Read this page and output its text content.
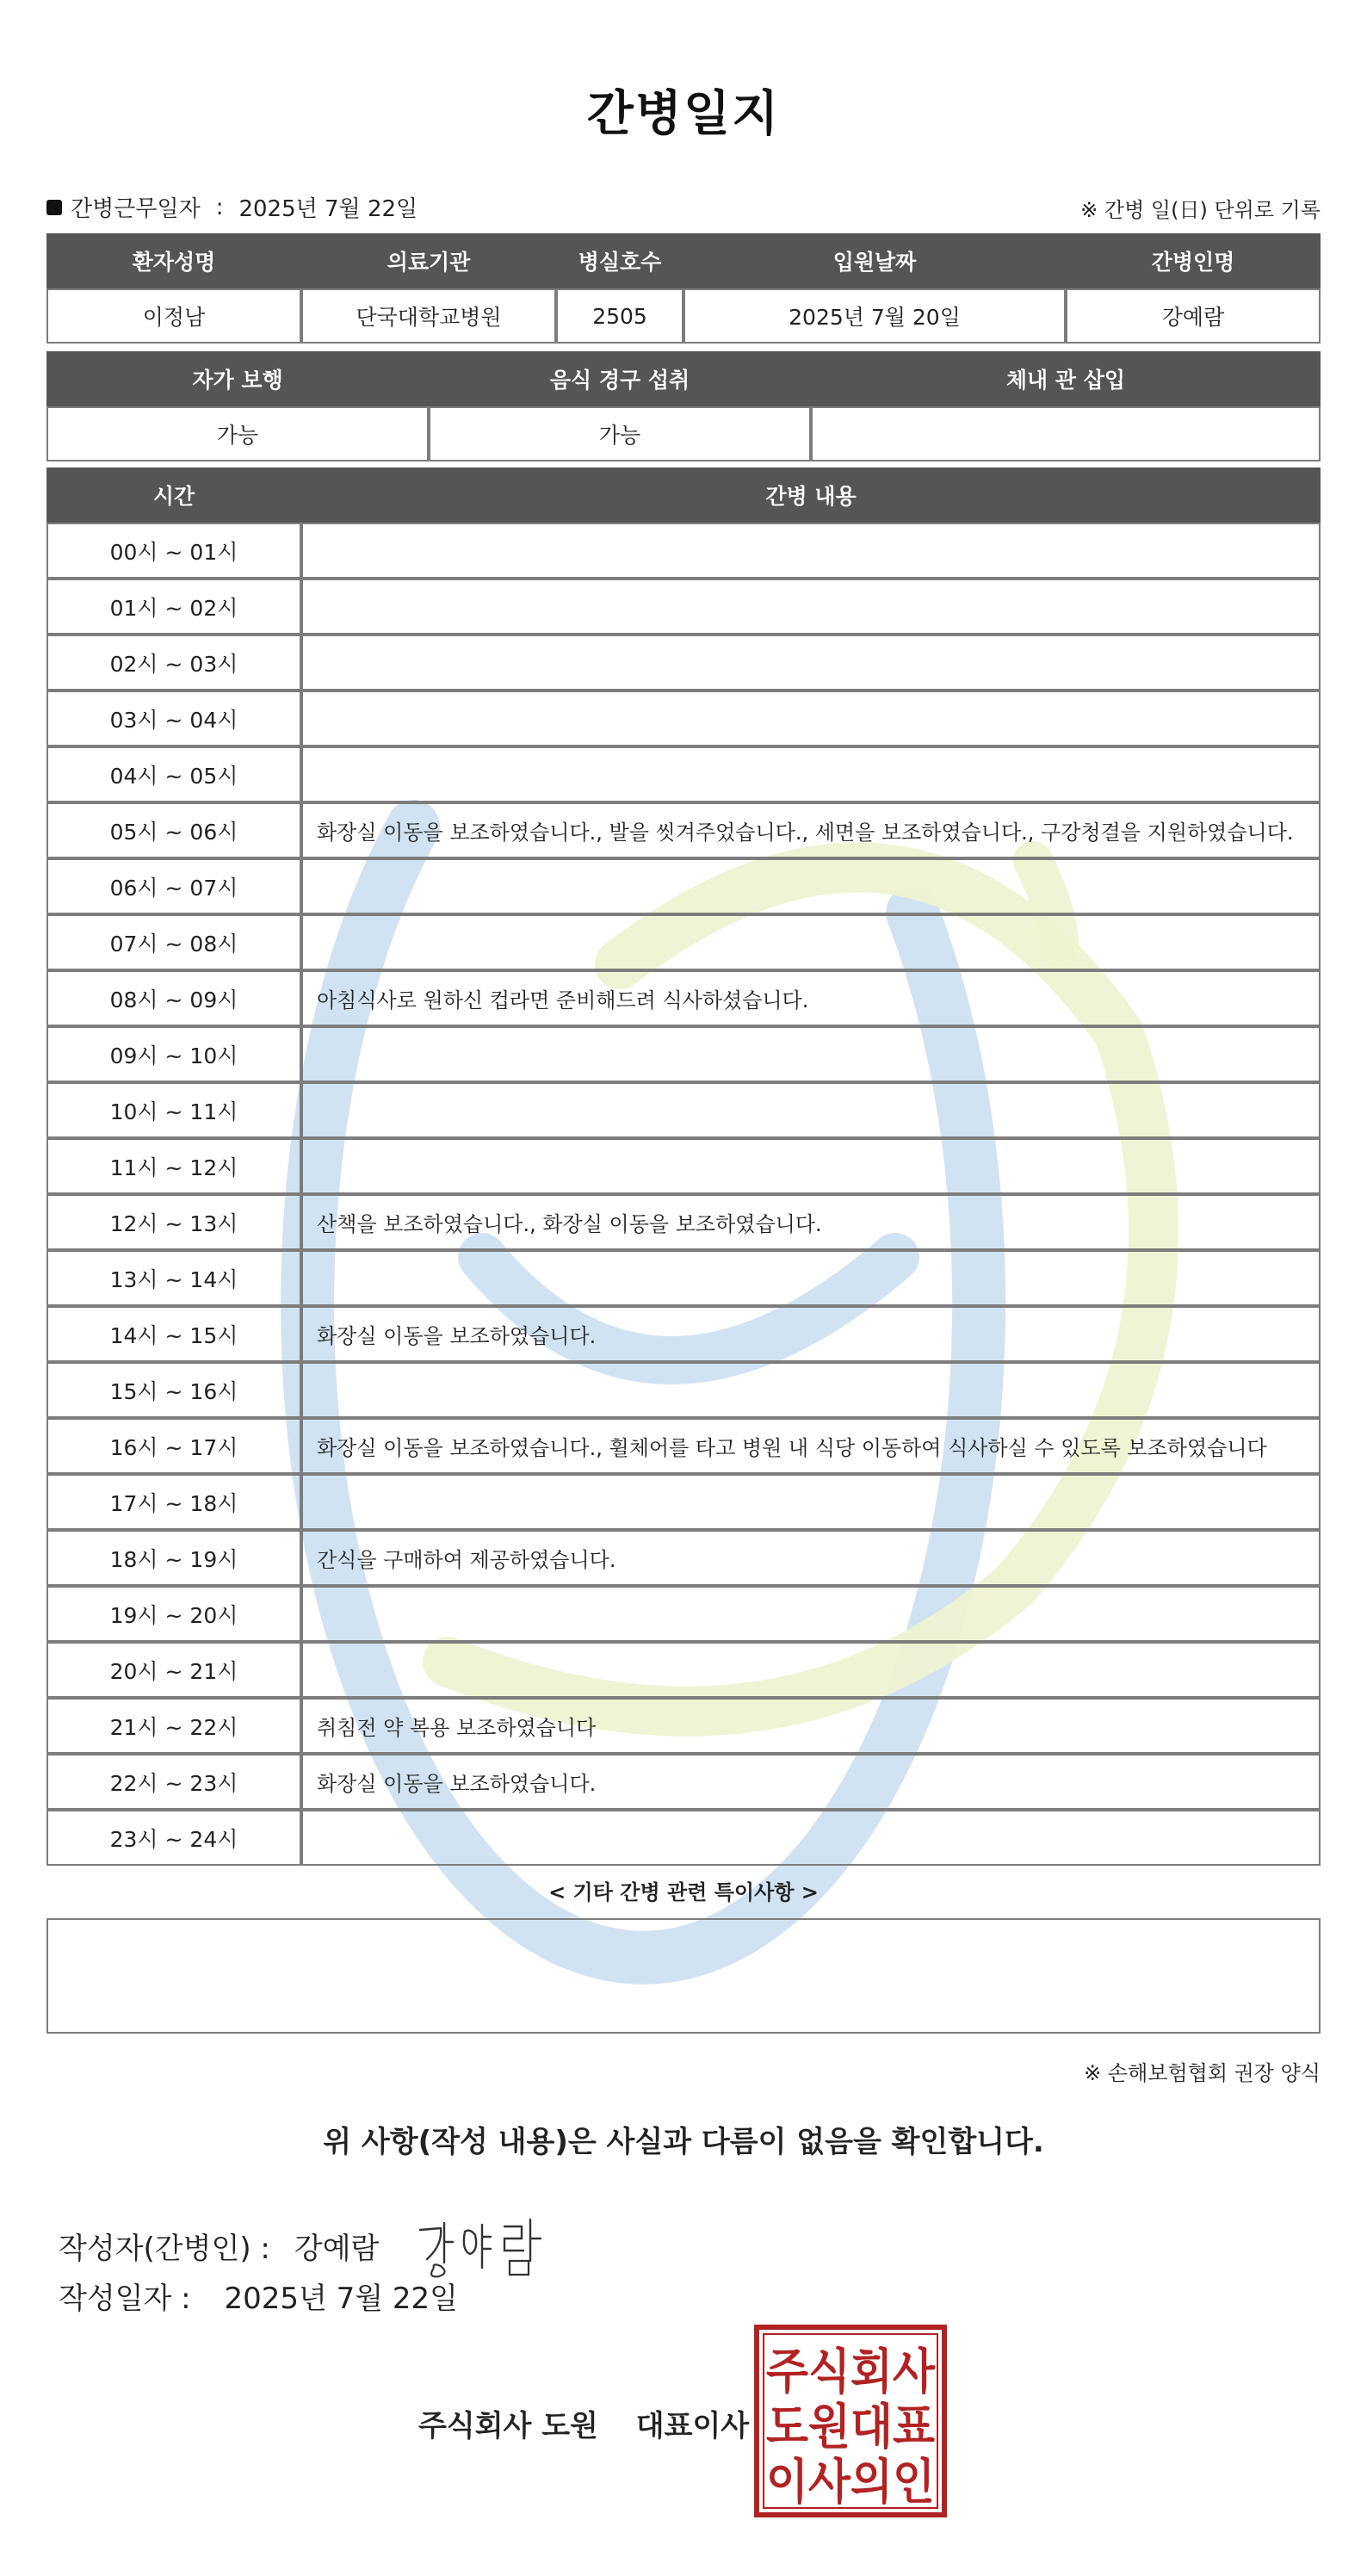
간병일지
간병근무일자 : 2025년 7월 22일	※ 간병 일(日) 단위로 기록
환자성명	의료기관	병실호수	입원날짜	간병인명
이정남	단국대학교병원	2505	2025년 7월 20일	강예람
자가 보행	음식 경구 섭취	체내 관 삽입
가능	가능	
시간	간병 내용
00시 ~ 01시	
01시 ~ 02시	
02시 ~ 03시	
03시 ~ 04시	
04시 ~ 05시	
05시 ~ 06시	화장실 이동을 보조하였습니다., 발을 씻겨주었습니다., 세면을 보조하였습니다., 구강청결을 지원하였습니다.
06시 ~ 07시	
07시 ~ 08시	
08시 ~ 09시	아침식사로 원하신 컵라면 준비해드려 식사하셨습니다.
09시 ~ 10시	
10시 ~ 11시	
11시 ~ 12시	
12시 ~ 13시	산책을 보조하였습니다., 화장실 이동을 보조하였습니다.
13시 ~ 14시	
14시 ~ 15시	화장실 이동을 보조하였습니다.
15시 ~ 16시	
16시 ~ 17시	화장실 이동을 보조하였습니다., 휠체어를 타고 병원 내 식당 이동하여 식사하실 수 있도록 보조하였습니다
17시 ~ 18시	
18시 ~ 19시	간식을 구매하여 제공하였습니다.
19시 ~ 20시	
20시 ~ 21시	
21시 ~ 22시	취침전 약 복용 보조하였습니다
22시 ~ 23시	화장실 이동을 보조하였습니다.
23시 ~ 24시	
< 기타 간병 관련 특이사항 >
※ 손해보험협회 권장 양식
위 사항(작성 내용)은 사실과 다름이 없음을 확인합니다.
작성자(간병인) : 강예람
작성일자 : 2025년 7월 22일
주식회사 도원 대표이사
주식회사
도원대표
이사의인
